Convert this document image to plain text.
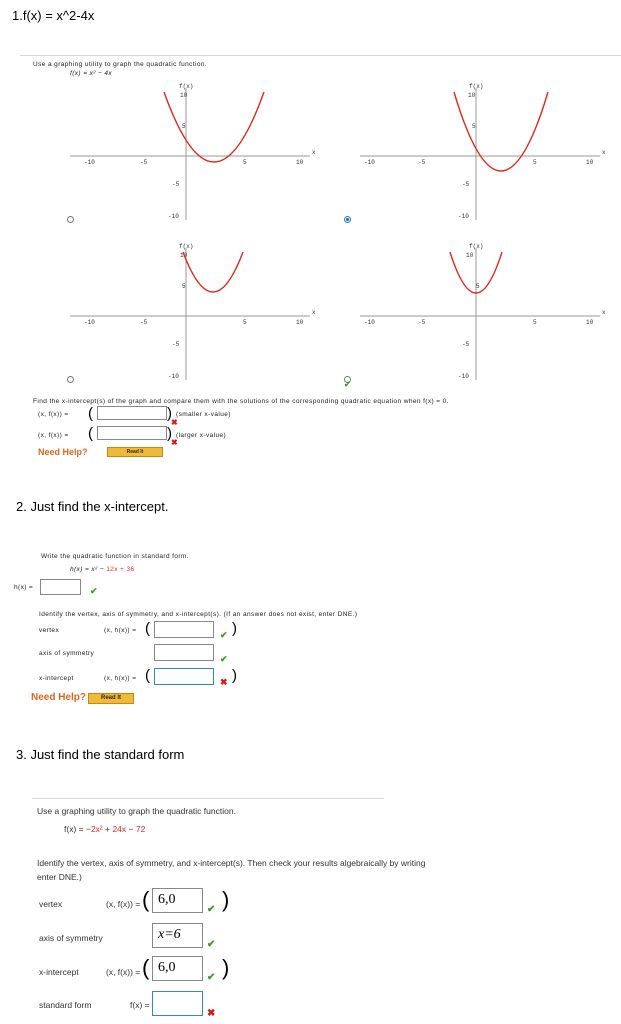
1.f(x) = x^2-4x
Use a graphing utility to graph the quadratic function.
f(x) = x² − 4x
f(x)
x
10
5
-5
-10
-10	-5	5	10
f(x)
x
10
5
-5
-10
-10	-5	5	10
f(x)
x
10
5
-5
-10
-10	-5	5	10
f(x)
x
10
5
-5
-10
-10	-5	5	10
✔
Find the x-intercept(s) of the graph and compare them with the solutions of the corresponding quadratic equation when f(x) = 0.
(x, f(x)) = (	) (smaller x-value)
✖
(x, f(x)) = (	) (larger x-value)
✖
Need Help?	Read It
2. Just find the x-intercept.
Write the quadratic function in standard form.
h(x) = x² − 12x + 36
h(x) =	✔
Identify the vertex, axis of symmetry, and x-intercept(s). (If an answer does not exist, enter DNE.)
vertex	(x, h(x)) = (	✔ )
axis of symmetry
✔
x-intercept	(x, h(x)) = (	✖ )
Need Help?	Read It
3. Just find the standard form
Use a graphing utility to graph the quadratic function.
f(x) = −2x² + 24x − 72
Identify the vertex, axis of symmetry, and x-intercept(s). Then check your results algebraically by writing
enter DNE.)
vertex	(x, f(x)) = ( 6,0
✔ )
axis of symmetry	x=6
✔
x-intercept	(x, f(x)) = ( 6,0
✔ )
standard form	f(x) =
✖
